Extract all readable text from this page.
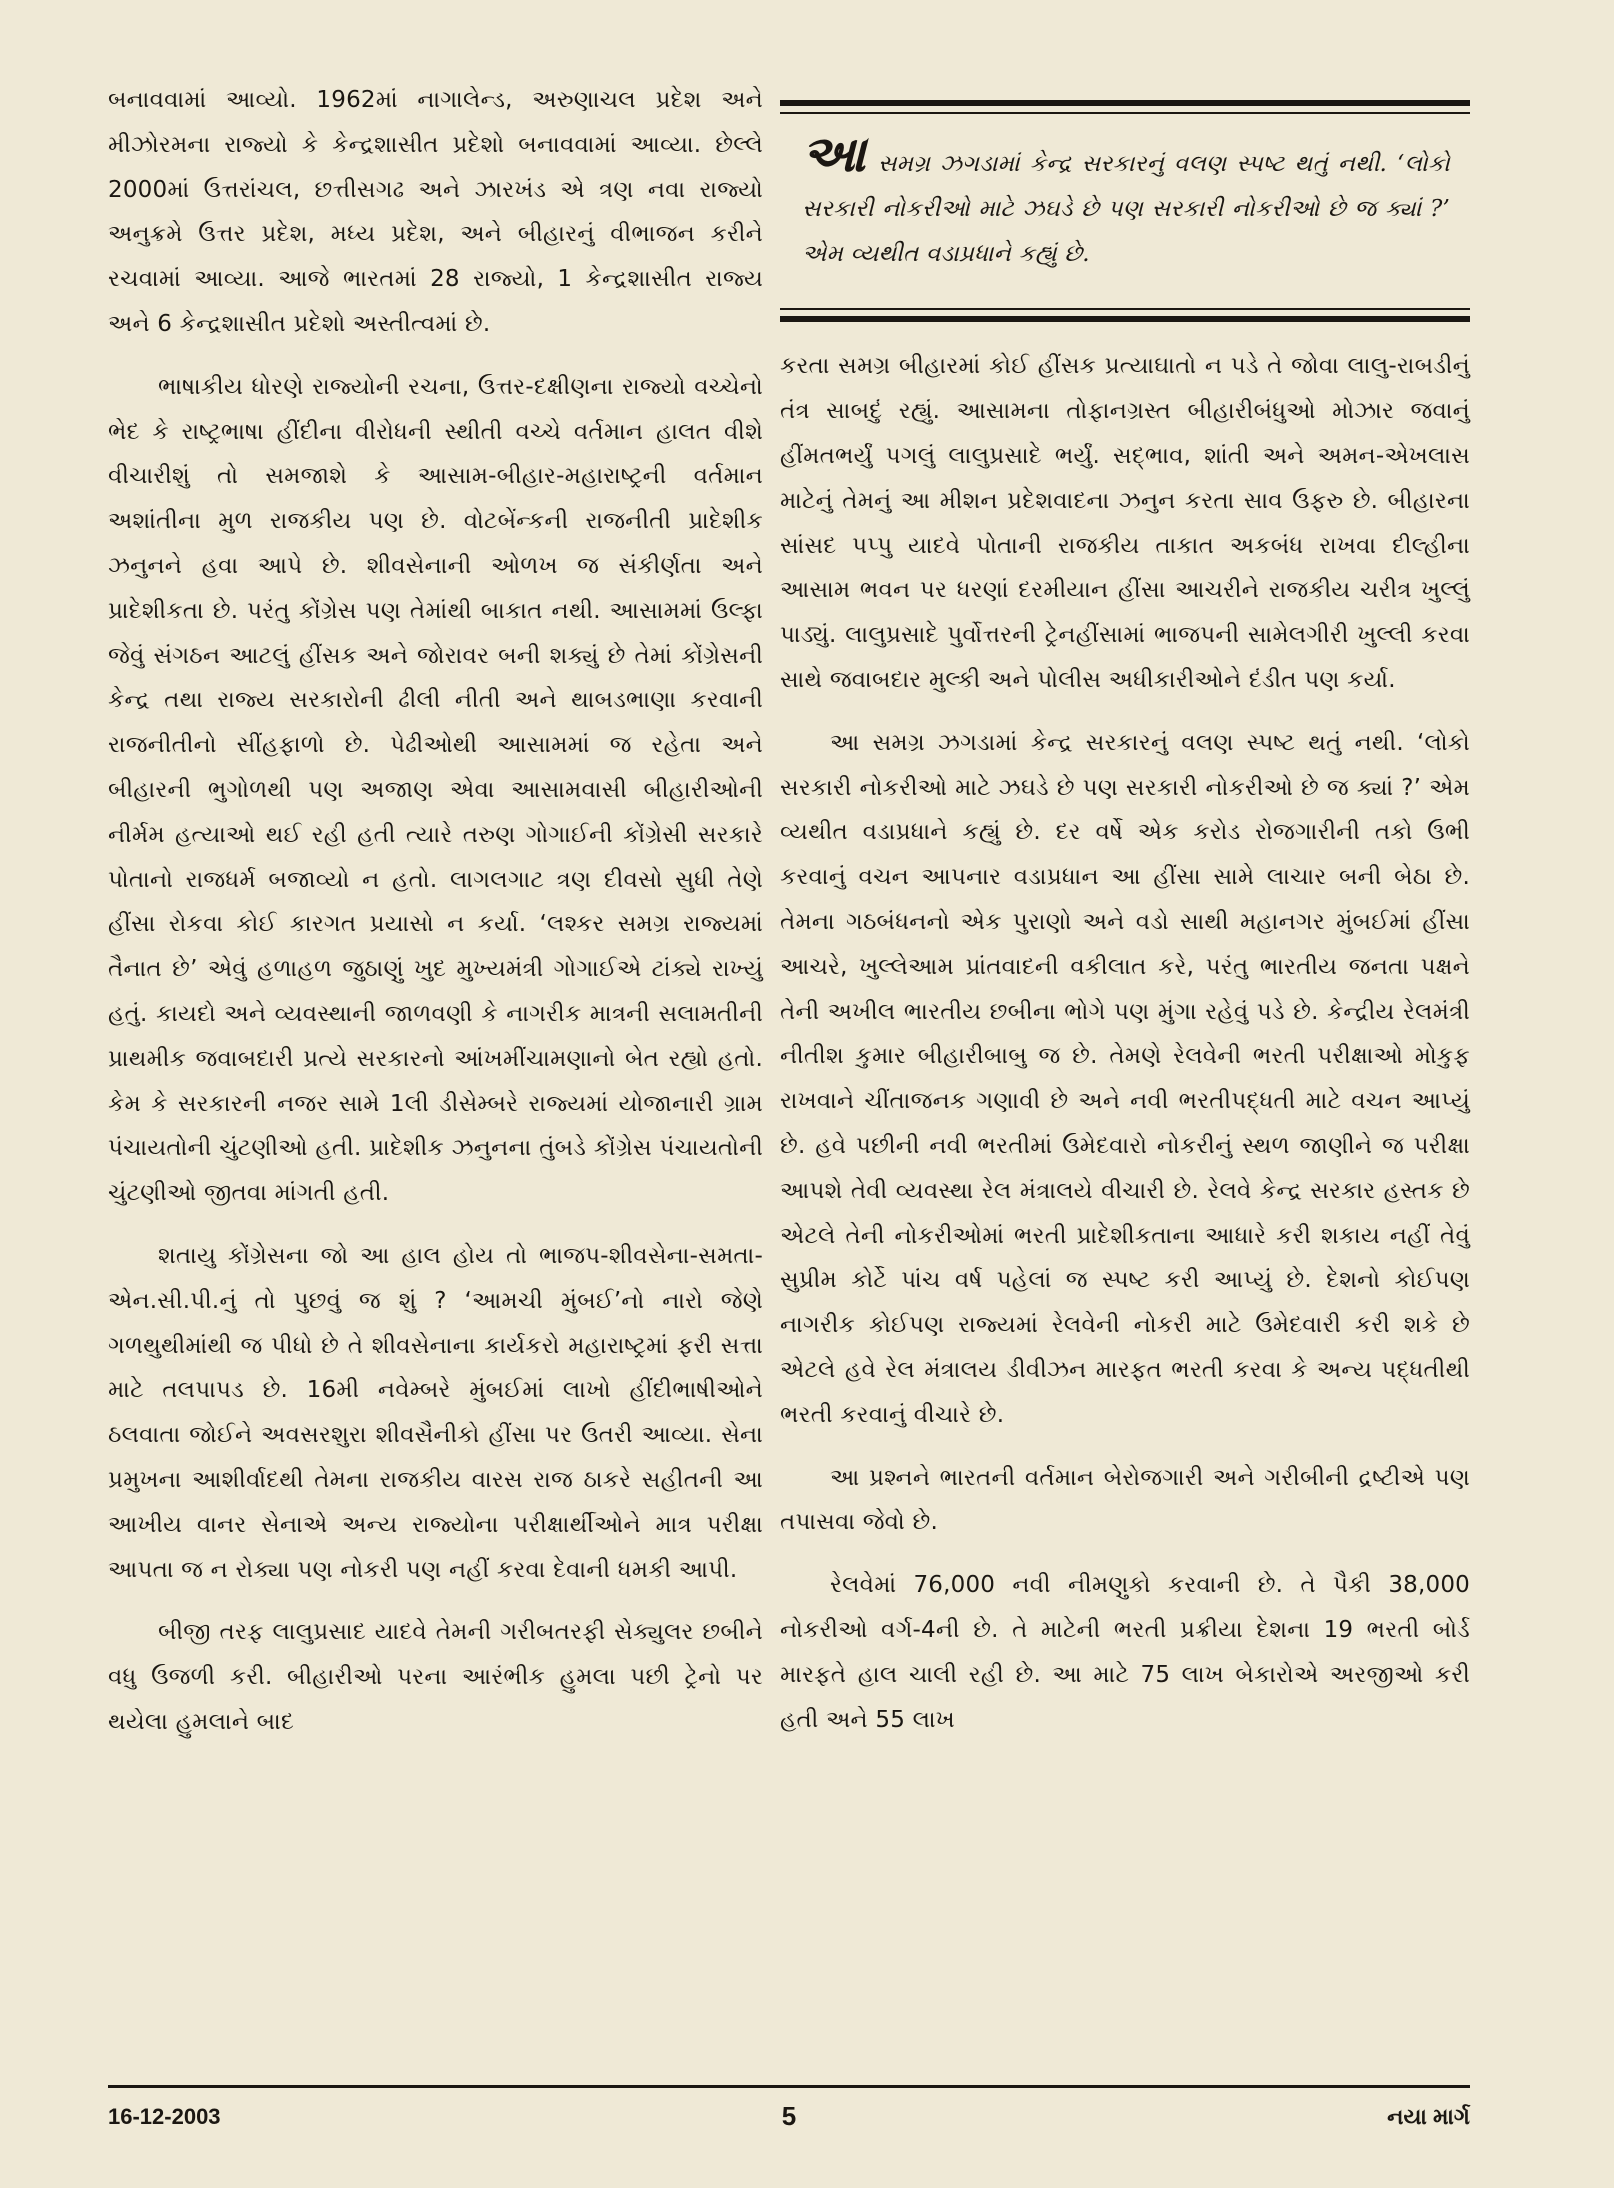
બનાવવામાં આવ્યો. 1962માં નાગાલેન્ડ, અરુણાચલ પ્રદેશ અને મીઝોરમના રાજ્યો કે કેન્દ્રશાસીત પ્રદેશો બનાવવામાં આવ્યા. છેલ્લે 2000માં ઉત્તરાંચલ, છત્તીસગઢ અને ઝારખંડ એ ત્રણ નવા રાજ્યો અનુક્રમે ઉત્તર પ્રદેશ, મધ્ય પ્રદેશ, અને બીહારનું વીભાજન કરીને રચવામાં આવ્યા. આજે ભારતમાં 28 રાજ્યો, 1 કેન્દ્રશાસીત રાજ્ય અને 6 કેન્દ્રશાસીત પ્રદેશો અસ્તીત્વમાં છે.

ભાષાકીય ધોરણે રાજ્યોની રચના, ઉત્તર-દક્ષીણના રાજ્યો વચ્ચેનો ભેદ કે રાષ્ટ્રભાષા હીંદીના વીરોધની સ્થીતી વચ્ચે વર્તમાન હાલત વીશે વીચારીશું તો સમજાશે કે આસામ-બીહાર-મહારાષ્ટ્રની વર્તમાન અશાંતીના મુળ રાજકીય પણ છે. વોટબેંન્કની રાજનીતી પ્રાદેશીક ઝનુનને હવા આપે છે. શીવસેનાની ઓળખ જ સંકીર્ણતા અને પ્રાદેશીકતા છે. પરંતુ કોંગ્રેસ પણ તેમાંથી બાકાત નથી. આસામમાં ઉલ્ફા જેવું સંગઠન આટલું હીંસક અને જોરાવર બની શક્યું છે તેમાં કોંગ્રેસની કેન્દ્ર તથા રાજ્ય સરકારોની ઢીલી નીતી અને થાબડભાણા કરવાની રાજનીતીનો સીંહફાળો છે. પેઢીઓથી આસામમાં જ રહેતા અને બીહારની ભુગોળથી પણ અજાણ એવા આસામવાસી બીહારીઓની નીર્મમ હત્યાઓ થઈ રહી હતી ત્યારે તરુણ ગોગાઈની કોંગ્રેસી સરકારે પોતાનો રાજધર્મ બજાવ્યો ન હતો. લાગલગાટ ત્રણ દીવસો સુધી તેણે હીંસા રોકવા કોઈ કારગત પ્રયાસો ન કર્યા. ‘લશ્કર સમગ્ર રાજ્યમાં તૈનાત છે’ એવું હળાહળ જુઠાણું ખુદ મુખ્યમંત્રી ગોગાઈએ ટાંક્યે રાખ્યું હતું. કાયદો અને વ્યવસ્થાની જાળવણી કે નાગરીક માત્રની સલામતીની પ્રાથમીક જવાબદારી પ્રત્યે સરકારનો આંખમીંચામણાનો બેત રહ્યો હતો. કેમ કે સરકારની નજર સામે 1લી ડીસેમ્બરે રાજ્યમાં યોજાનારી ગ્રામ પંચાયતોની ચુંટણીઓ હતી. પ્રાદેશીક ઝનુનના તુંબડે કોંગ્રેસ પંચાયતોની ચુંટણીઓ જીતવા માંગતી હતી.

શતાયુ કોંગ્રેસના જો આ હાલ હોય તો ભાજપ-શીવસેના-સમતા-એન.સી.પી.નું તો પુછવું જ શું ? ‘આમચી મુંબઈ’નો નારો જેણે ગળથુથીમાંથી જ પીધો છે તે શીવસેનાના કાર્યકરો મહારાષ્ટ્રમાં ફરી સત્તા માટે તલપાપડ છે. 16મી નવેમ્બરે મુંબઈમાં લાખો હીંદીભાષીઓને ઠલવાતા જોઈને અવસરશુરા શીવસૈનીકો હીંસા પર ઉતરી આવ્યા. સેના પ્રમુખના આશીર્વાદથી તેમના રાજકીય વારસ રાજ ઠાકરે સહીતની આ આખીય વાનર સેનાએ અન્ય રાજ્યોના પરીક્ષાર્થીઓને માત્ર પરીક્ષા આપતા જ ન રોક્યા પણ નોકરી પણ નહીં કરવા દેવાની ધમકી આપી.

બીજી તરફ લાલુપ્રસાદ યાદવે તેમની ગરીબતરફી સેક્યુલર છબીને વધુ ઉજળી કરી. બીહારીઓ પરના આરંભીક હુમલા પછી ટ્રેનો પર થયેલા હુમલાને બાદ

આસમગ્ર ઝગડામાં કેન્દ્ર સરકારનું વલણ સ્પષ્ટ થતું નથી. ‘લોકો સરકારી નોકરીઓ માટે ઝઘડે છે પણ સરકારી નોકરીઓ છે જ ક્યાં ?’ એમ વ્યથીત વડાપ્રધાને કહ્યું છે.

કરતા સમગ્ર બીહારમાં કોઈ હીંસક પ્રત્યાઘાતો ન પડે તે જોવા લાલુ-રાબડીનું તંત્ર સાબદું રહ્યું. આસામના તોફાનગ્રસ્ત બીહારીબંધુઓ મોઝાર જવાનું હીંમતભર્યું પગલું લાલુપ્રસાદે ભર્યું. સદ્ભાવ, શાંતી અને અમન-એખલાસ માટેનું તેમનું આ મીશન પ્રદેશવાદના ઝનુન કરતા સાવ ઉફરુ છે. બીહારના સાંસદ પપ્પુ યાદવે પોતાની રાજકીય તાકાત અકબંધ રાખવા દીલ્હીના આસામ ભવન પર ધરણાં દરમીયાન હીંસા આચરીને રાજકીય ચરીત્ર ખુલ્લું પાડ્યું. લાલુપ્રસાદે પુર્વોત્તરની ટ્રેનહીંસામાં ભાજપની સામેલગીરી ખુલ્લી કરવા સાથે જવાબદાર મુલ્કી અને પોલીસ અધીકારીઓને દંડીત પણ કર્યા.

આ સમગ્ર ઝગડામાં કેન્દ્ર સરકારનું વલણ સ્પષ્ટ થતું નથી. ‘લોકો સરકારી નોકરીઓ માટે ઝઘડે છે પણ સરકારી નોકરીઓ છે જ ક્યાં ?’ એમ વ્યથીત વડાપ્રધાને કહ્યું છે. દર વર્ષે એક કરોડ રોજગારીની તકો ઉભી કરવાનું વચન આપનાર વડાપ્રધાન આ હીંસા સામે લાચાર બની બેઠા છે. તેમના ગઠબંધનનો એક પુરાણો અને વડો સાથી મહાનગર મુંબઈમાં હીંસા આચરે, ખુલ્લેઆમ પ્રાંતવાદની વકીલાત કરે, પરંતુ ભારતીય જનતા પક્ષને તેની અખીલ ભારતીય છબીના ભોગે પણ મુંગા રહેવું પડે છે. કેન્દ્રીય રેલમંત્રી નીતીશ કુમાર બીહારીબાબુ જ છે. તેમણે રેલવેની ભરતી પરીક્ષાઓ મોકુફ રાખવાને ચીંતાજનક ગણાવી છે અને નવી ભરતીપદ્ધતી માટે વચન આપ્યું છે. હવે પછીની નવી ભરતીમાં ઉમેદવારો નોકરીનું સ્થળ જાણીને જ પરીક્ષા આપશે તેવી વ્યવસ્થા રેલ મંત્રાલયે વીચારી છે. રેલવે કેન્દ્ર સરકાર હસ્તક છે એટલે તેની નોકરીઓમાં ભરતી પ્રાદેશીકતાના આધારે કરી શકાય નહીં તેવું સુપ્રીમ કોર્ટે પાંચ વર્ષ પહેલાં જ સ્પષ્ટ કરી આપ્યું છે. દેશનો કોઈપણ નાગરીક કોઈપણ રાજ્યમાં રેલવેની નોકરી માટે ઉમેદવારી કરી શકે છે એટલે હવે રેલ મંત્રાલય ડીવીઝન મારફત ભરતી કરવા કે અન્ય પદ્ધતીથી ભરતી કરવાનું વીચારે છે.

આ પ્રશ્નને ભારતની વર્તમાન બેરોજગારી અને ગરીબીની દ્રષ્ટીએ પણ તપાસવા જેવો છે.

રેલવેમાં 76,000 નવી નીમણુકો કરવાની છે. તે પૈકી 38,000 નોકરીઓ વર્ગ-4ની છે. તે માટેની ભરતી પ્રક્રીયા દેશના 19 ભરતી બોર્ડ મારફતે હાલ ચાલી રહી છે. આ માટે 75 લાખ બેકારોએ અરજીઓ કરી હતી અને 55 લાખ

5
16-12-2003	નયા માર્ગ
